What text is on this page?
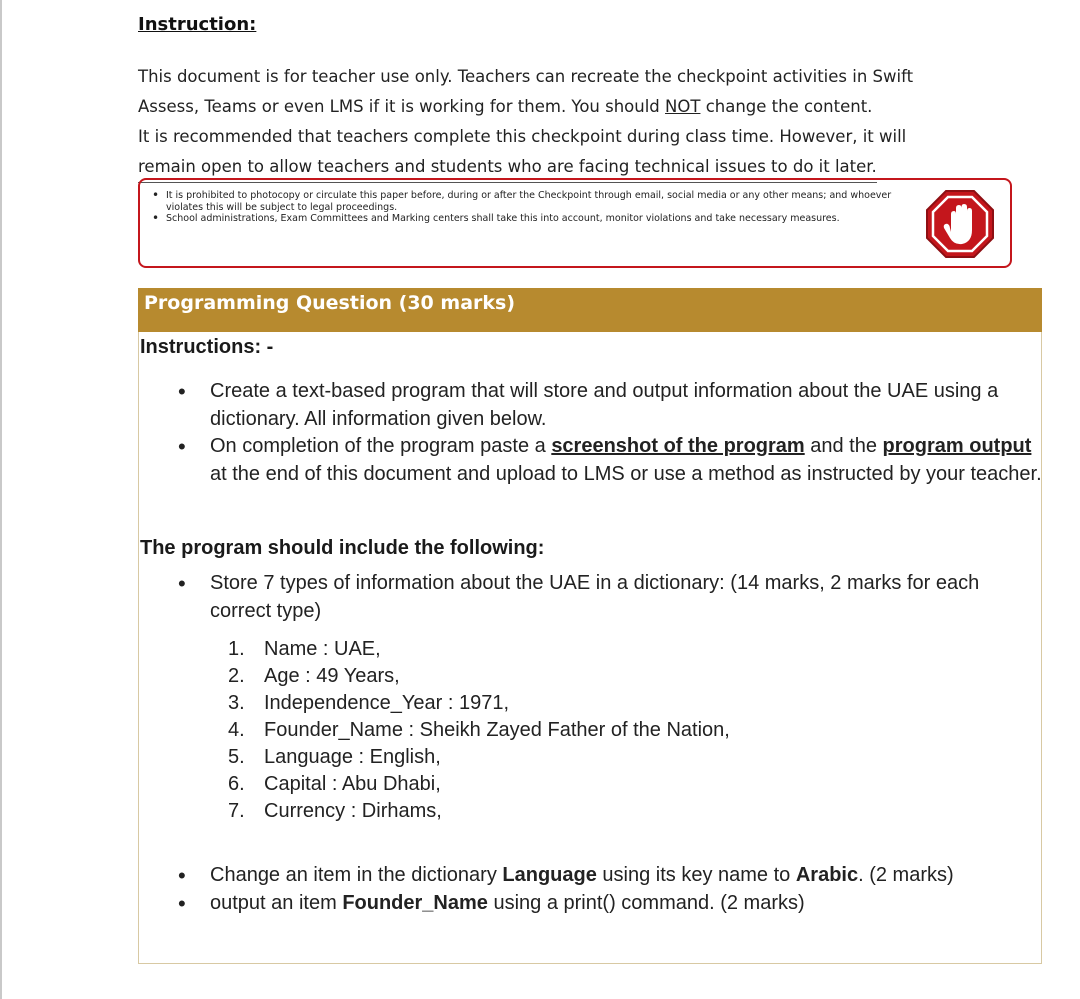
Instruction:

This document is for teacher use only. Teachers can recreate the checkpoint activities in Swift

Assess, Teams or even LMS if it is working for them. You should NOT change the content.

It is recommended that teachers complete this checkpoint during class time. However, it will

remain open to allow teachers and students who are facing technical issues to do it later.

• It is prohibited to photocopy or circulate this paper before, during or after the Checkpoint through email, social media or any other means; and whoever violates this will be subject to legal proceedings.
• School administrations, Exam Committees and Marking centers shall take this into account, monitor violations and take necessary measures.
Programming Question (30 marks)
Instructions: -
• Create a text-based program that will store and output information about the UAE using a dictionary. All information given below.
• On completion of the program paste a screenshot of the program and the program output at the end of this document and upload to LMS or use a method as instructed by your teacher.
The program should include the following:
• Store 7 types of information about the UAE in a dictionary: (14 marks, 2 marks for each correct type)
1. Name : UAE,
2. Age : 49 Years,
3. Independence_Year : 1971,
4. Founder_Name : Sheikh Zayed Father of the Nation,
5. Language : English,
6. Capital : Abu Dhabi,
7. Currency : Dirhams,
• Change an item in the dictionary Language using its key name to Arabic. (2 marks)
• output an item Founder_Name using a print() command. (2 marks)
